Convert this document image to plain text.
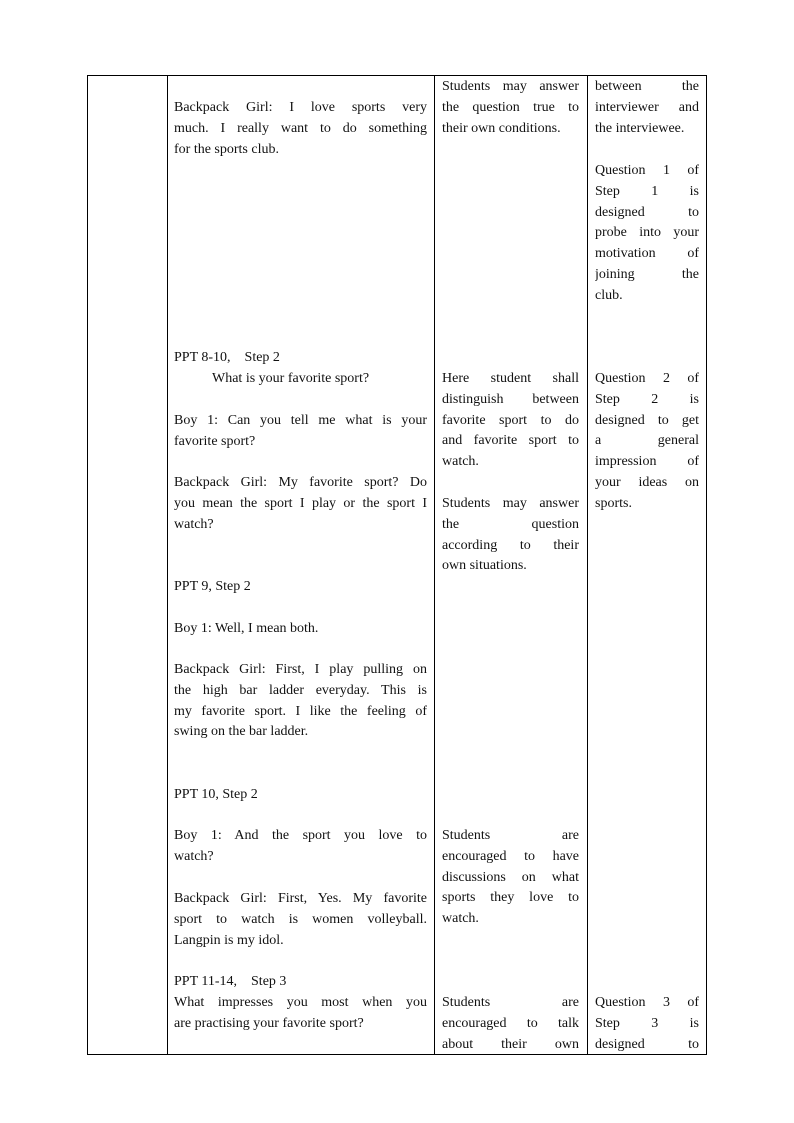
Backpack Girl: I love sports very
much. I really want to do something
for the sports club.
PPT 8-10,    Step 2
What is your favorite sport?
Boy 1: Can you tell me what is your
favorite sport?
Backpack Girl: My favorite sport? Do
you mean the sport I play or the sport I
watch?
PPT 9, Step 2
Boy 1: Well, I mean both.
Backpack Girl: First, I play pulling on
the high bar ladder everyday. This is
my favorite sport. I like the feeling of
swing on the bar ladder.
PPT 10, Step 2
Boy 1: And the sport you love to
watch?
Backpack Girl: First, Yes. My favorite
sport to watch is women volleyball.
Langpin is my idol.
PPT 11-14,    Step 3
What impresses you most when you
are practising your favorite sport?
Students may answer
the question true to
their own conditions.
Here student shall
distinguish between
favorite sport to do
and favorite sport to
watch.
Students may answer
the question
according to their
own situations.
Students are
encouraged to have
discussions on what
sports they love to
watch.
Students are
encouraged to talk
about their own
between the
interviewer and
the interviewee.
Question 1 of
Step 1 is
designed to
probe into your
motivation of
joining the
club.
Question 2 of
Step 2 is
designed to get
a general
impression of
your ideas on
sports.
Question 3 of
Step 3 is
designed to
